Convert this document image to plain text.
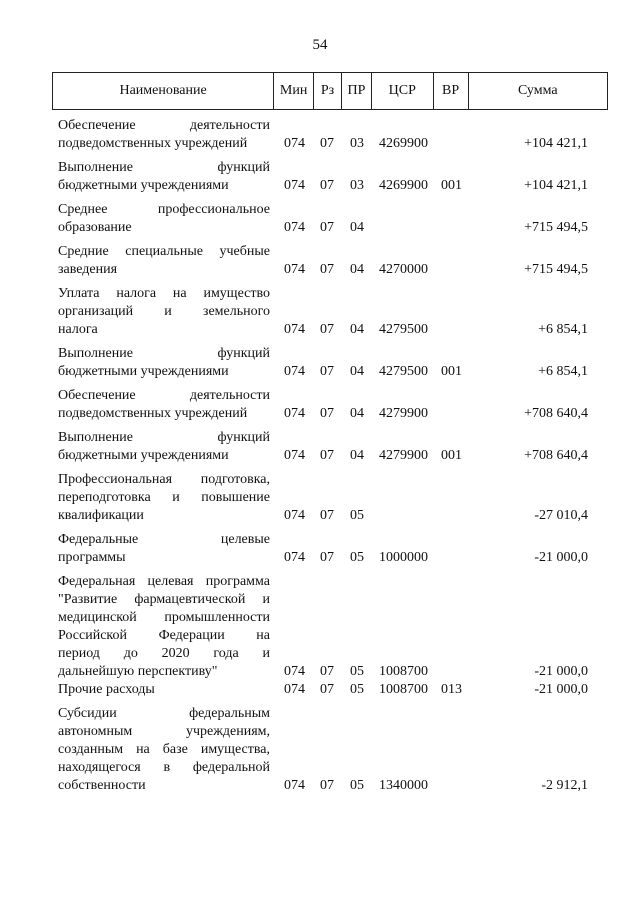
54
Наименование	Мин Рз ПР	ЦСР	ВР	Сумма
Обеспечение деятельности
подведомственных учреждений	074 07 03 4269900	+104 421,1
Выполнение функций
бюджетными учреждениями	074 07 03 4269900 001	+104 421,1
Среднее профессиональное
образование	074 07 04	+715 494,5
Средние специальные учебные
заведения	074 07 04 4270000	+715 494,5
Уплата налога на имущество
организаций и земельного
налога	074 07 04 4279500	+6 854,1
Выполнение функций
бюджетными учреждениями	074 07 04 4279500 001	+6 854,1
Обеспечение деятельности
подведомственных учреждений	074 07 04 4279900	+708 640,4
Выполнение функций
бюджетными учреждениями	074 07 04 4279900 001	+708 640,4
Профессиональная подготовка,
переподготовка и повышение
квалификации	074 07 05	-27 010,4
Федеральные целевые
программы	074 07 05 1000000	-21 000,0
Федеральная целевая программа
"Развитие фармацевтической и
медицинской промышленности
Российской Федерации на
период до 2020 года и
дальнейшую перспективу"	074 07 05 1008700	-21 000,0
Прочие расходы	074 07 05 1008700 013	-21 000,0
Субсидии федеральным
автономным учреждениям,
созданным на базе имущества,
находящегося в федеральной
собственности	074 07 05 1340000	-2 912,1
